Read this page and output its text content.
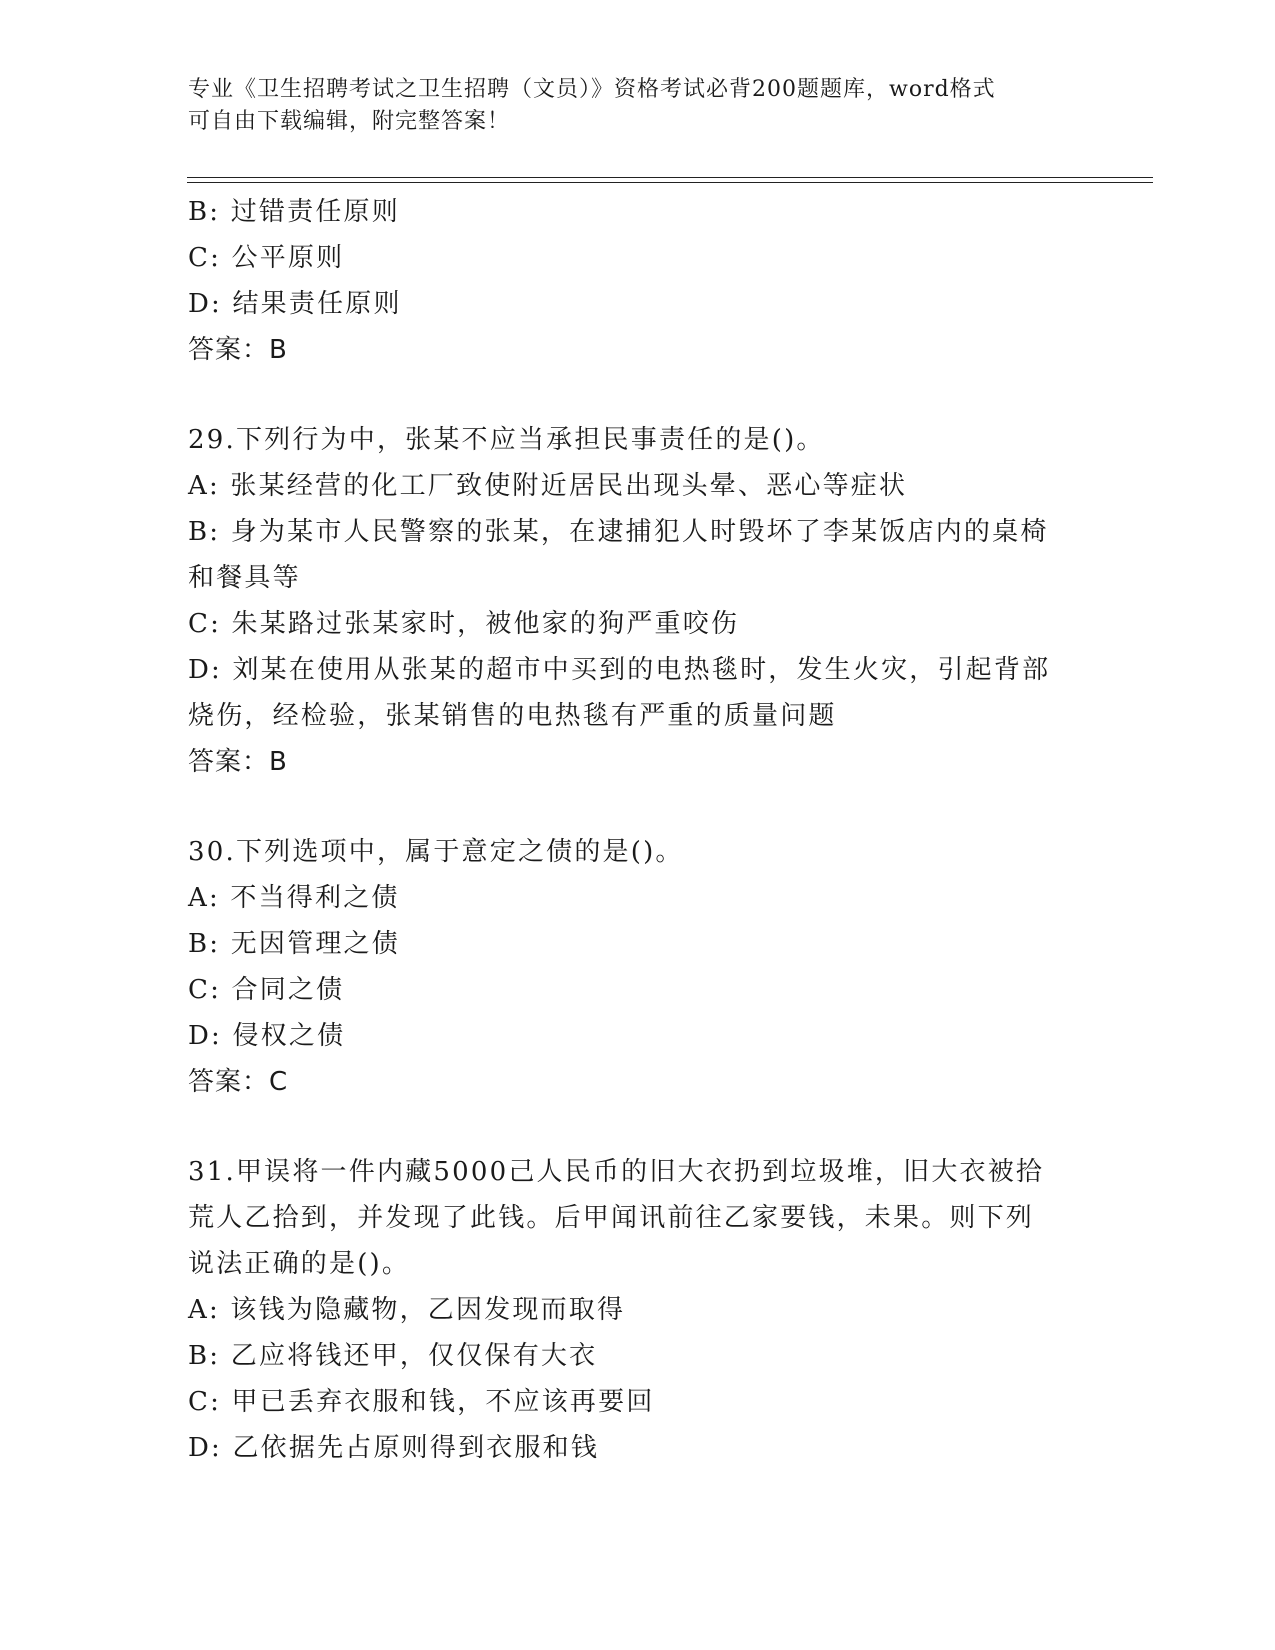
专业《卫生招聘考试之卫生招聘（文员）》资格考试必背200题题库，word格式
可自由下载编辑，附完整答案！
B: 过错责任原则
C: 公平原则
D: 结果责任原则
答案：B
29.下列行为中，张某不应当承担民事责任的是()。
A: 张某经营的化工厂致使附近居民出现头晕、恶心等症状
B: 身为某市人民警察的张某，在逮捕犯人时毁坏了李某饭店内的桌椅
和餐具等
C: 朱某路过张某家时，被他家的狗严重咬伤
D: 刘某在使用从张某的超市中买到的电热毯时，发生火灾，引起背部
烧伤，经检验，张某销售的电热毯有严重的质量问题
答案：B
30.下列选项中，属于意定之债的是()。
A: 不当得利之债
B: 无因管理之债
C: 合同之债
D: 侵权之债
答案：C
31.甲误将一件内藏5000己人民币的旧大衣扔到垃圾堆，旧大衣被拾
荒人乙拾到，并发现了此钱。后甲闻讯前往乙家要钱，未果。则下列
说法正确的是()。
A: 该钱为隐藏物，乙因发现而取得
B: 乙应将钱还甲，仅仅保有大衣
C: 甲已丢弃衣服和钱，不应该再要回
D: 乙依据先占原则得到衣服和钱
